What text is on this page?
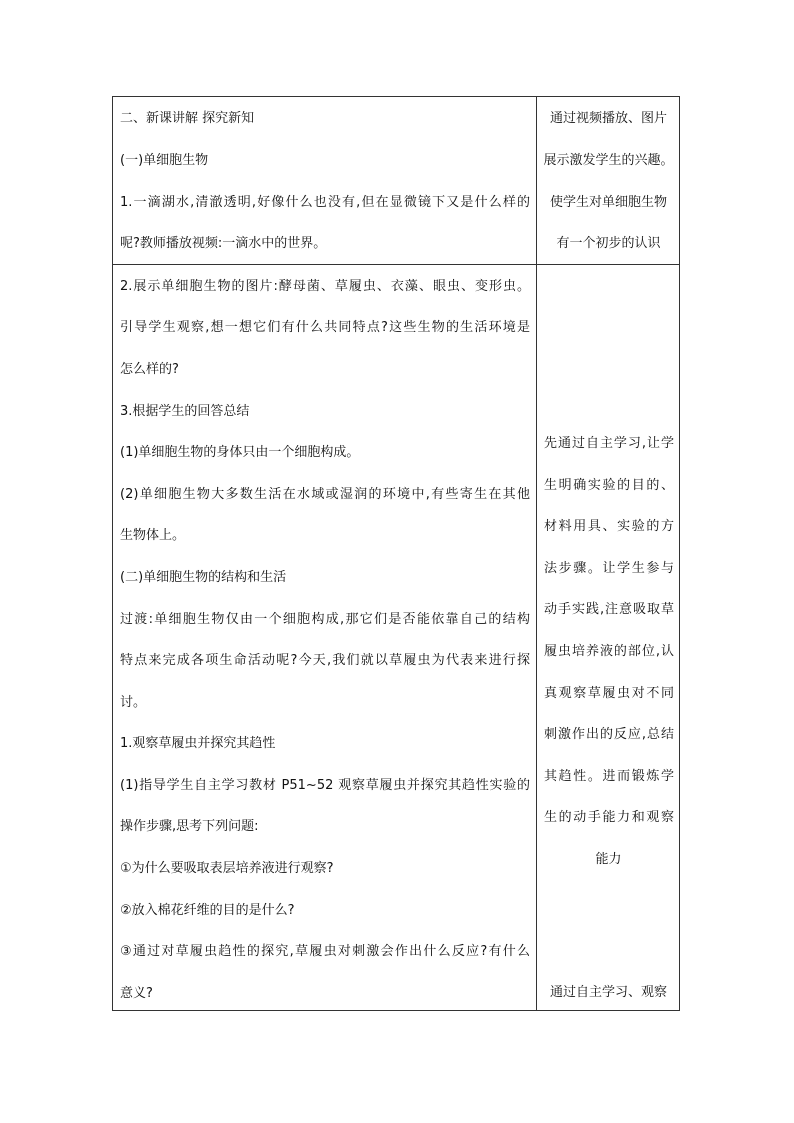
二、新课讲解 探究新知
(一)单细胞生物
1.一滴湖水,清澈透明,好像什么也没有,但在显微镜下又是什么样的
呢?教师播放视频:一滴水中的世界。
2.展示单细胞生物的图片:酵母菌、草履虫、衣藻、眼虫、变形虫。
引导学生观察,想一想它们有什么共同特点?这些生物的生活环境是
怎么样的?
3.根据学生的回答总结
(1)单细胞生物的身体只由一个细胞构成。
(2)单细胞生物大多数生活在水域或湿润的环境中,有些寄生在其他
生物体上。
(二)单细胞生物的结构和生活
过渡:单细胞生物仅由一个细胞构成,那它们是否能依靠自己的结构
特点来完成各项生命活动呢?今天,我们就以草履虫为代表来进行探
讨。
1.观察草履虫并探究其趋性
(1)指导学生自主学习教材 P51~52 观察草履虫并探究其趋性实验的
操作步骤,思考下列问题:
①为什么要吸取表层培养液进行观察?
②放入棉花纤维的目的是什么?
③通过对草履虫趋性的探究,草履虫对刺激会作出什么反应?有什么
意义?
通过视频播放、图片
展示激发学生的兴趣。
使学生对单细胞生物
有一个初步的认识
先通过自主学习,让学
生明确实验的目的、
材料用具、实验的方
法步骤。让学生参与
动手实践,注意吸取草
履虫培养液的部位,认
真观察草履虫对不同
刺激作出的反应,总结
其趋性。进而锻炼学
生的动手能力和观察
能力
通过自主学习、观察
